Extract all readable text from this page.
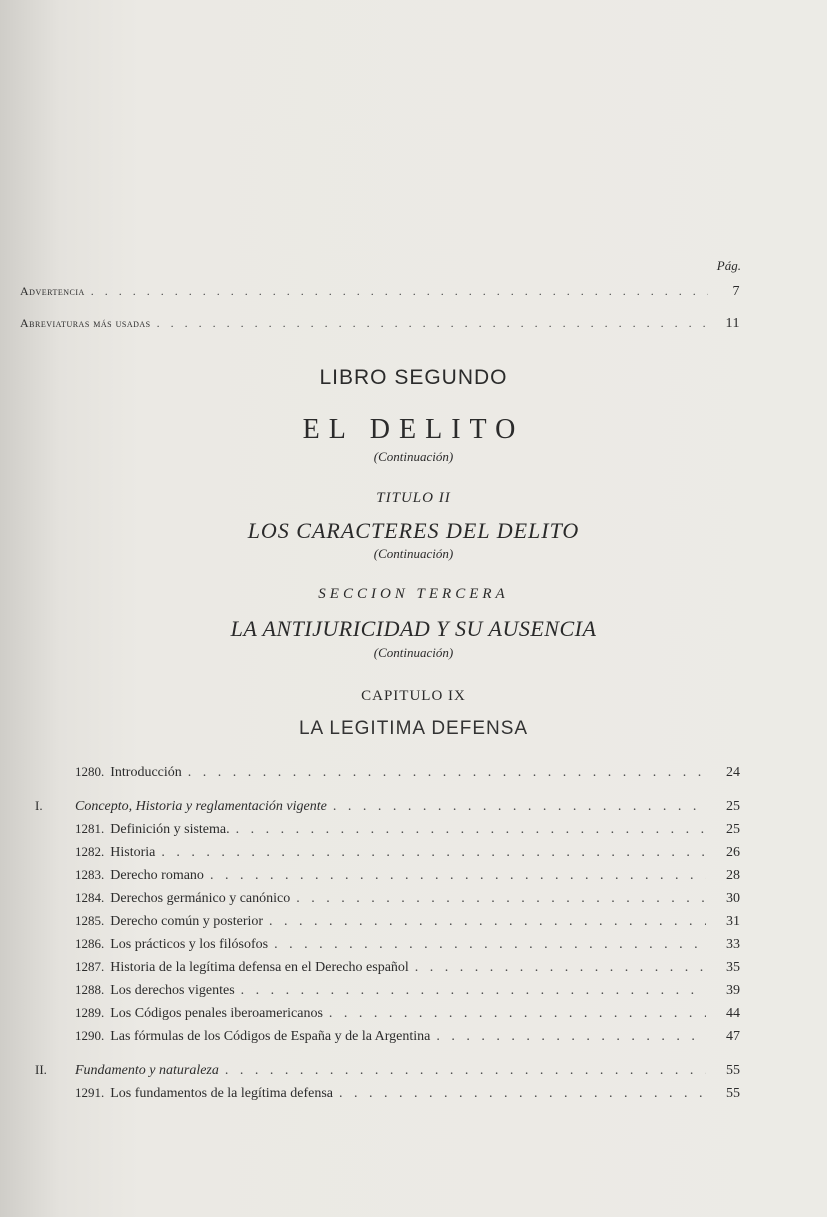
Pág.
Advertencia . . .	7
Abreviaturas más usadas . . .	11
LIBRO SEGUNDO
EL DELITO
(Continuación)
TITULO II
LOS CARACTERES DEL DELITO
(Continuación)
SECCION TERCERA
LA ANTIJURICIDAD Y SU AUSENCIA
(Continuación)
CAPITULO IX
LA LEGITIMA DEFENSA
1280. Introducción . . .	24
I.	Concepto, Historia y reglamentación vigente . . .	25
1281. Definición y sistema. . . .	25
1282. Historia . . .	26
1283. Derecho romano . . .	28
1284. Derechos germánico y canónico . . .	30
1285. Derecho común y posterior . . .	31
1286. Los prácticos y los filósofos . . .	33
1287. Historia de la legítima defensa en el Derecho español . . .	35
1288. Los derechos vigentes . . .	39
1289. Los Códigos penales iberoamericanos . . .	44
1290. Las fórmulas de los Códigos de España y de la Argentina . . .	47
II.	Fundamento y naturaleza . . .	55
1291. Los fundamentos de la legítima defensa . . .	55
